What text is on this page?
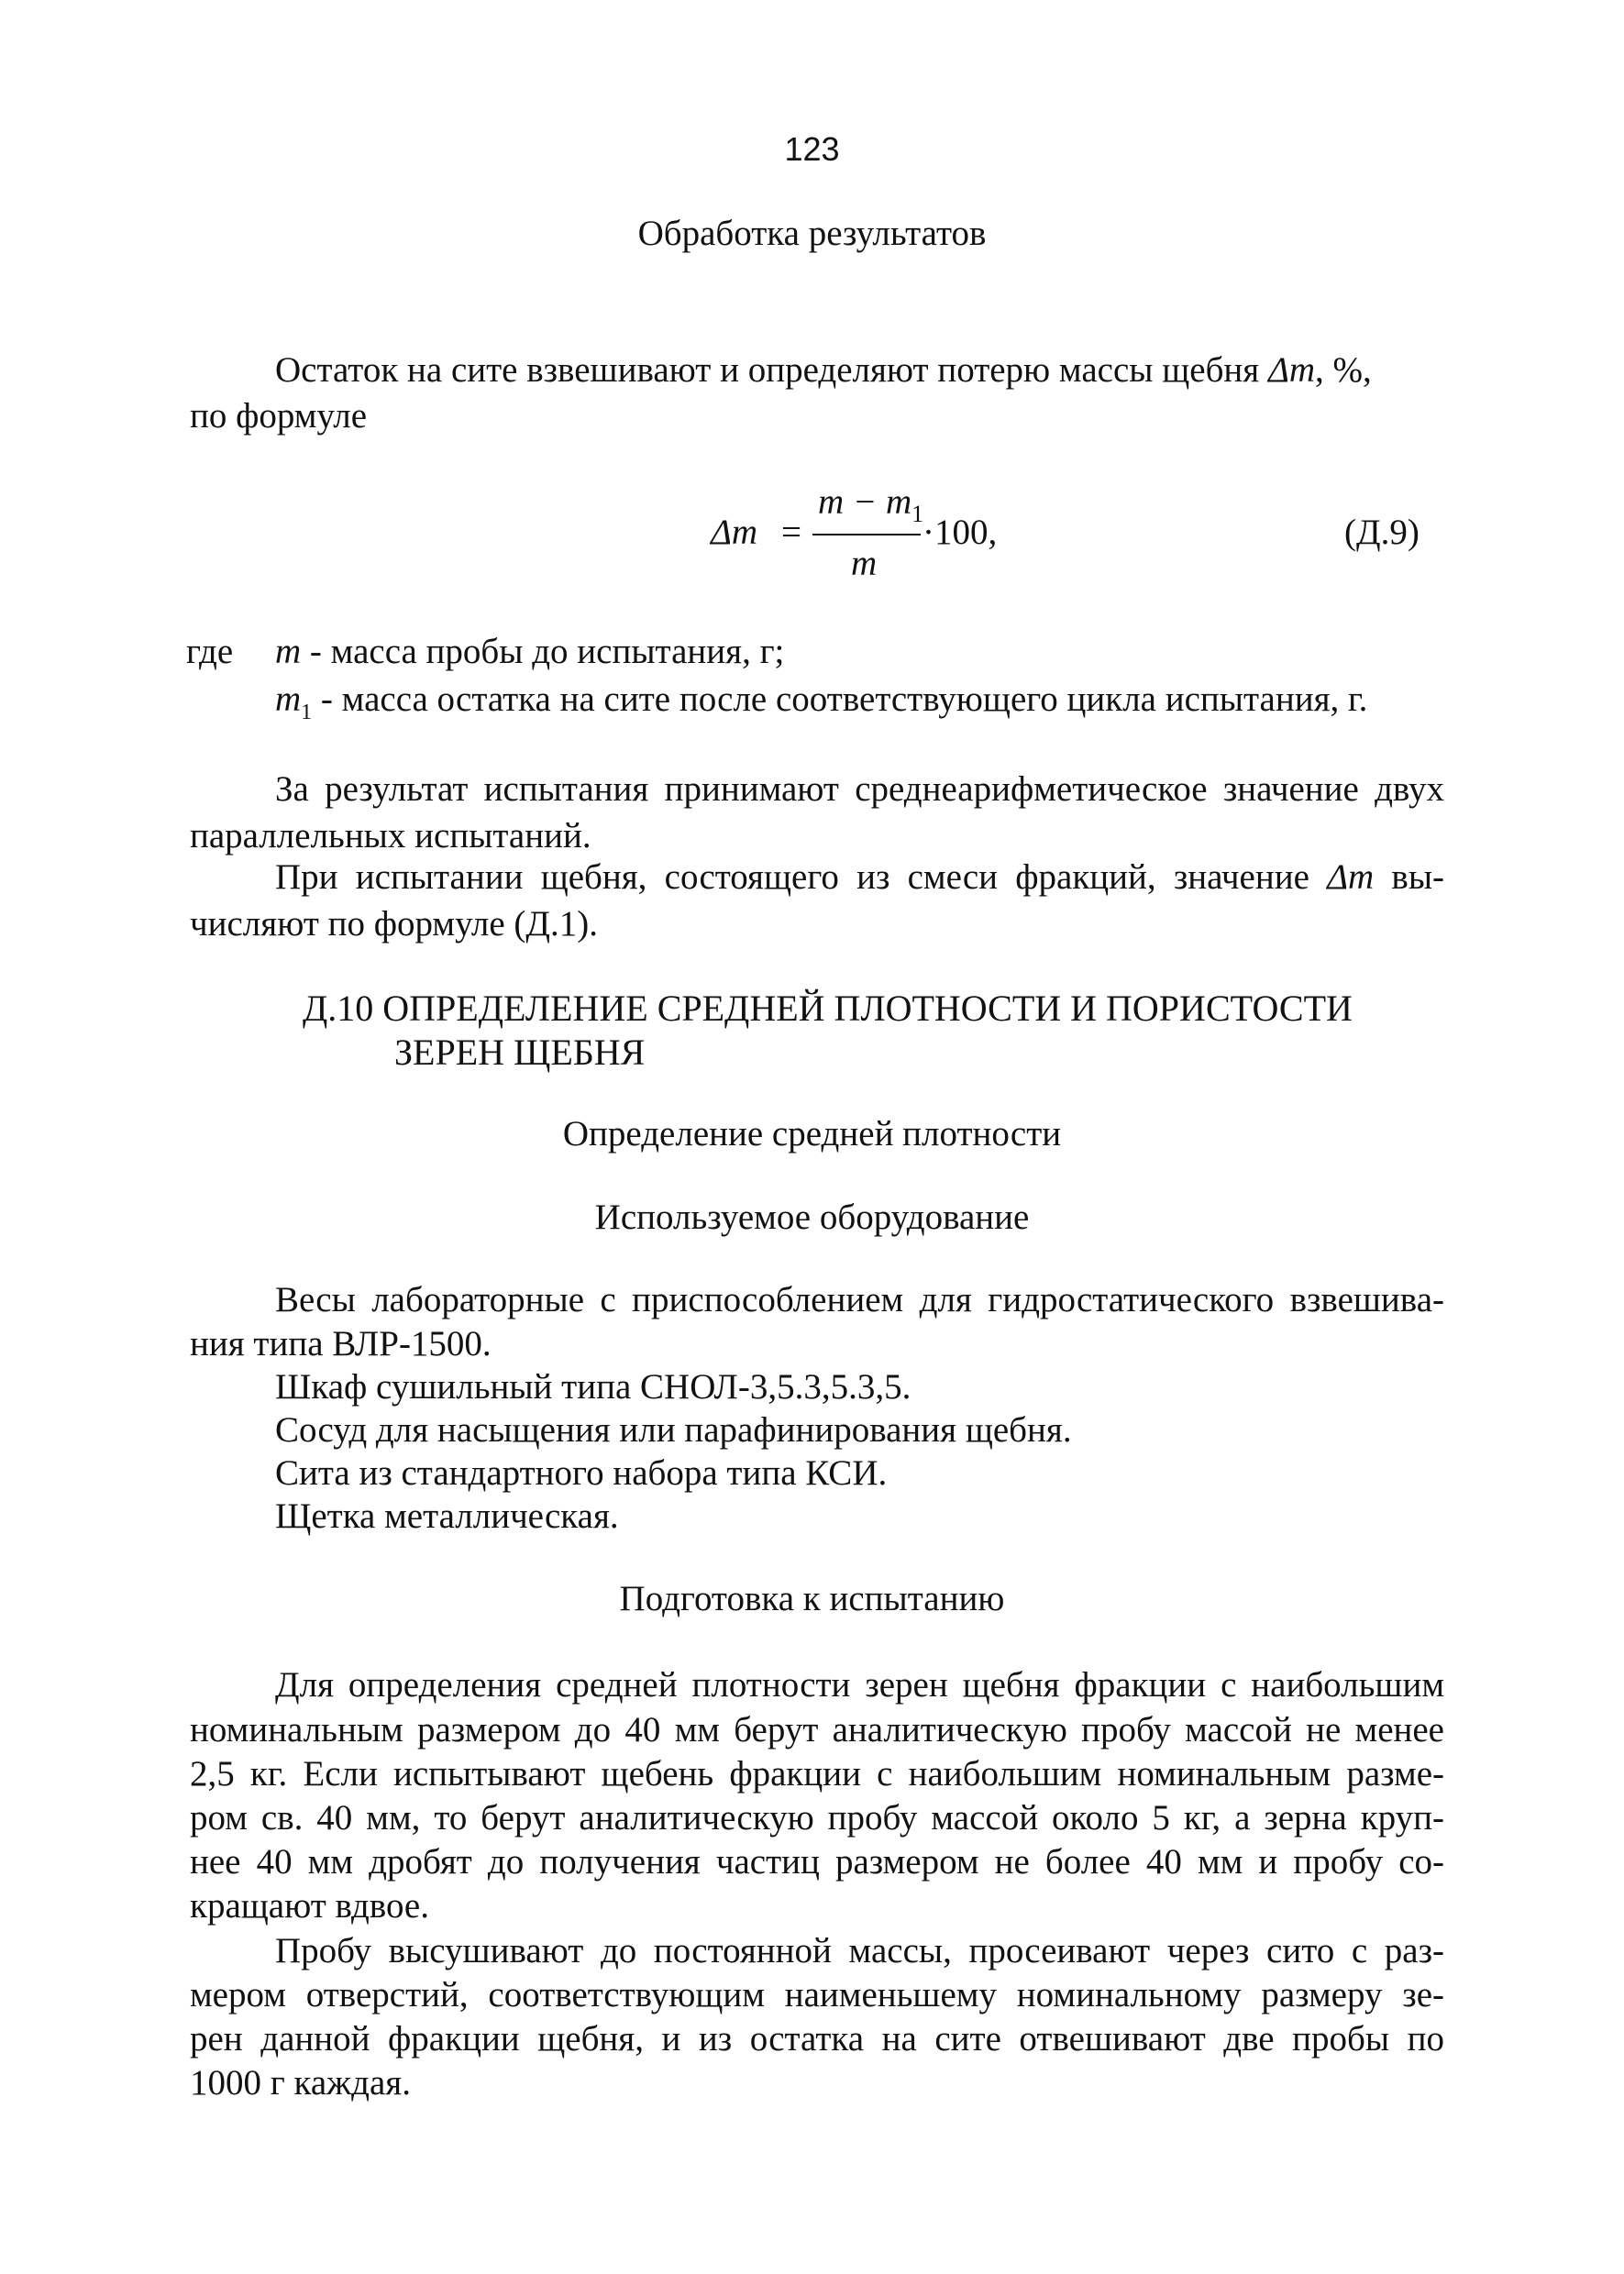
123
Обработка результатов
Остаток на сите взвешивают и определяют потерю массы щебня Δm, %,
по формуле
Δm =
$m - m_1$
m
·100,	(Д.9)
где m - масса пробы до испытания, г;
$m_1$ - масса остатка на сите после соответствующего цикла испытания, г.
За результат испытания принимают среднеарифметическое значение двух
параллельных испытаний.
При испытании щебня, состоящего из смеси фракций, значение Δm вы-
числяют по формуле (Д.1).
Д.10 ОПРЕДЕЛЕНИЕ СРЕДНЕЙ ПЛОТНОСТИ И ПОРИСТОСТИ
ЗЕРЕН ЩЕБНЯ
Определение средней плотности
Используемое оборудование
Весы лабораторные с приспособлением для гидростатического взвешива-
ния типа ВЛР-1500.
Шкаф сушильный типа СНОЛ-3,5.3,5.3,5.
Сосуд для насыщения или парафинирования щебня.
Сита из стандартного набора типа КСИ.
Щетка металлическая.
Подготовка к испытанию
Для определения средней плотности зерен щебня фракции с наибольшим
номинальным размером до 40 мм берут аналитическую пробу массой не менее
2,5 кг. Если испытывают щебень фракции с наибольшим номинальным разме-
ром св. 40 мм, то берут аналитическую пробу массой около 5 кг, а зерна круп-
нее 40 мм дробят до получения частиц размером не более 40 мм и пробу со-
кращают вдвое.
Пробу высушивают до постоянной массы, просеивают через сито с раз-
мером отверстий, соответствующим наименьшему номинальному размеру зе-
рен данной фракции щебня, и из остатка на сите отвешивают две пробы по
1000 г каждая.
